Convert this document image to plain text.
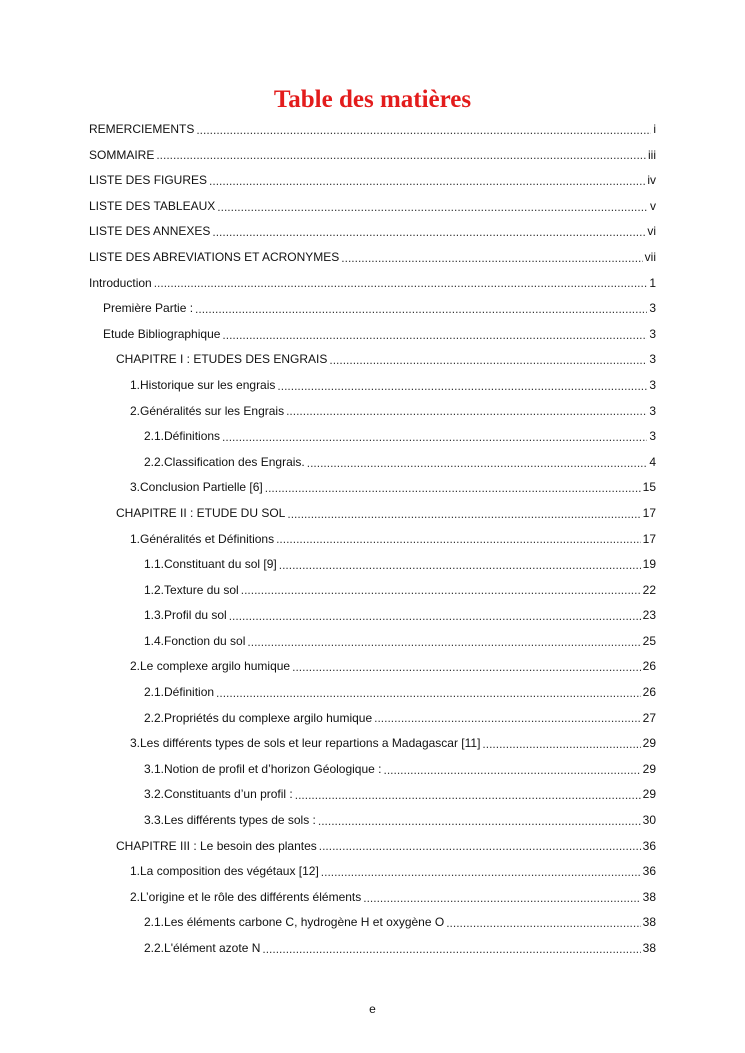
Table des matières
REMERCIEMENTS .....	i
SOMMAIRE .....	iii
LISTE DES FIGURES .....	iv
LISTE DES TABLEAUX .....	v
LISTE DES ANNEXES .....	vi
LISTE DES ABREVIATIONS ET ACRONYMES .....	vii
Introduction .....	1
Première Partie : .....	3
Etude Bibliographique .....	3
CHAPITRE I : ETUDES DES ENGRAIS .....	3
1.Historique sur les engrais .....	3
2.Généralités sur les Engrais .....	3
2.1.Définitions .....	3
2.2.Classification des Engrais. .....	4
3.Conclusion Partielle [6] .....	15
CHAPITRE II : ETUDE DU SOL .....	17
1.Généralités et Définitions .....	17
1.1.Constituant du sol [9] .....	19
1.2.Texture du sol .....	22
1.3.Profil du sol .....	23
1.4.Fonction du sol .....	25
2.Le complexe argilo humique .....	26
2.1.Définition .....	26
2.2.Propriétés du complexe argilo humique .....	27
3.Les différents types de sols et leur repartions a Madagascar [11] .....	29
3.1.Notion de profil et d’horizon Géologique : .....	29
3.2.Constituants d’un profil : .....	29
3.3.Les différents types de sols : .....	30
CHAPITRE III : Le besoin des plantes .....	36
1.La composition des végétaux [12] .....	36
2.L’origine et le rôle des différents éléments .....	38
2.1.Les éléments carbone C, hydrogène H et oxygène O .....	38
2.2.L'élément azote N .....	38
e
